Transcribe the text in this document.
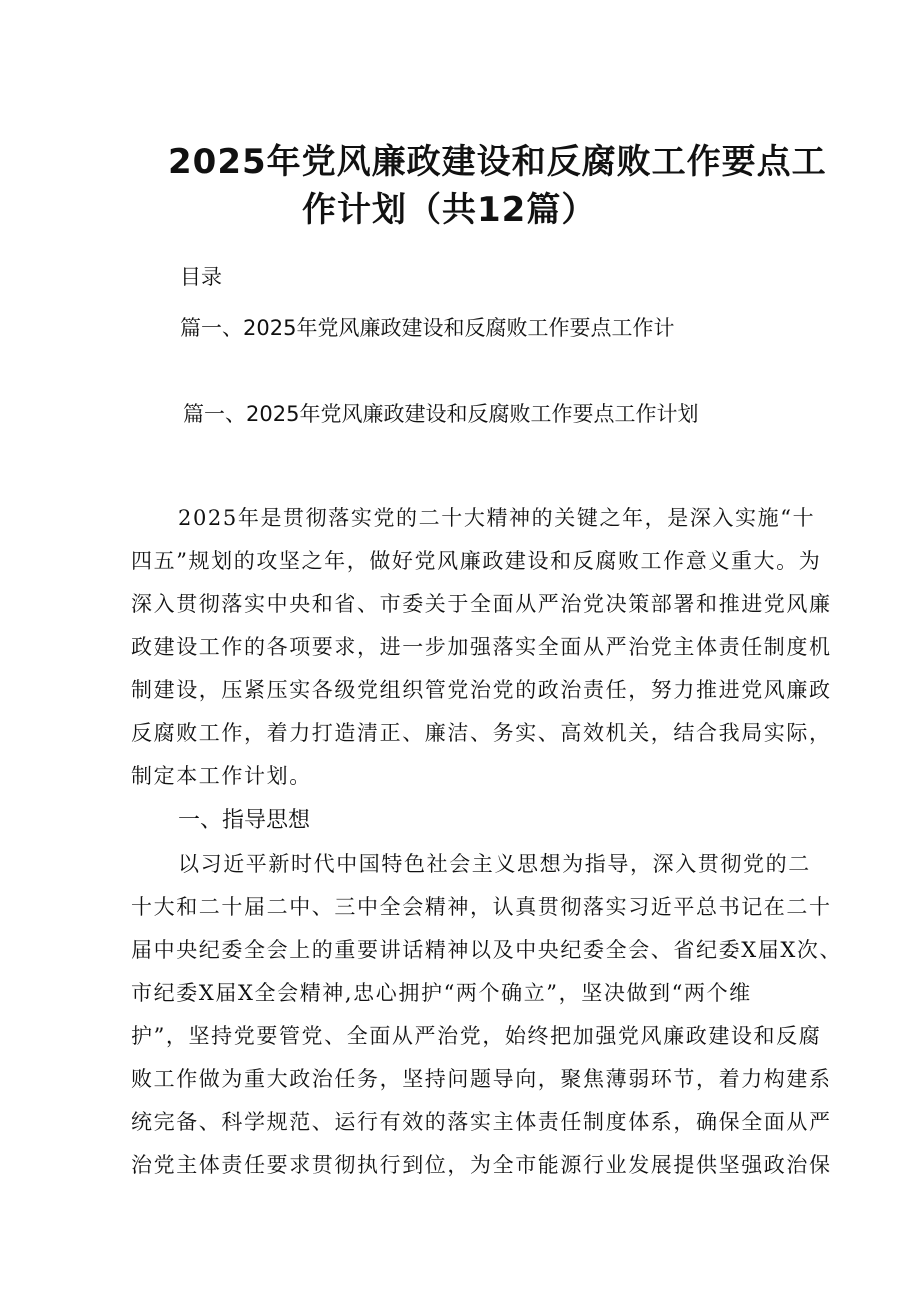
2025年党风廉政建设和反腐败工作要点工
作计划（共12篇）
目录
篇一、2025年党风廉政建设和反腐败工作要点工作计
篇一、2025年党风廉政建设和反腐败工作要点工作计划
2025年是贯彻落实党的二十大精神的关键之年，是深入实施“十
四五”规划的攻坚之年，做好党风廉政建设和反腐败工作意义重大。为
深入贯彻落实中央和省、市委关于全面从严治党决策部署和推进党风廉
政建设工作的各项要求，进一步加强落实全面从严治党主体责任制度机
制建设，压紧压实各级党组织管党治党的政治责任，努力推进党风廉政
反腐败工作，着力打造清正、廉洁、务实、高效机关，结合我局实际，
制定本工作计划。
一、指导思想
以习近平新时代中国特色社会主义思想为指导，深入贯彻党的二
十大和二十届二中、三中全会精神，认真贯彻落实习近平总书记在二十
届中央纪委全会上的重要讲话精神以及中央纪委全会、省纪委X届X次、
市纪委X届X全会精神,忠心拥护“两个确立”，坚决做到“两个维
护”，坚持党要管党、全面从严治党，始终把加强党风廉政建设和反腐
败工作做为重大政治任务，坚持问题导向，聚焦薄弱环节，着力构建系
统完备、科学规范、运行有效的落实主体责任制度体系，确保全面从严
治党主体责任要求贯彻执行到位，为全市能源行业发展提供坚强政治保
